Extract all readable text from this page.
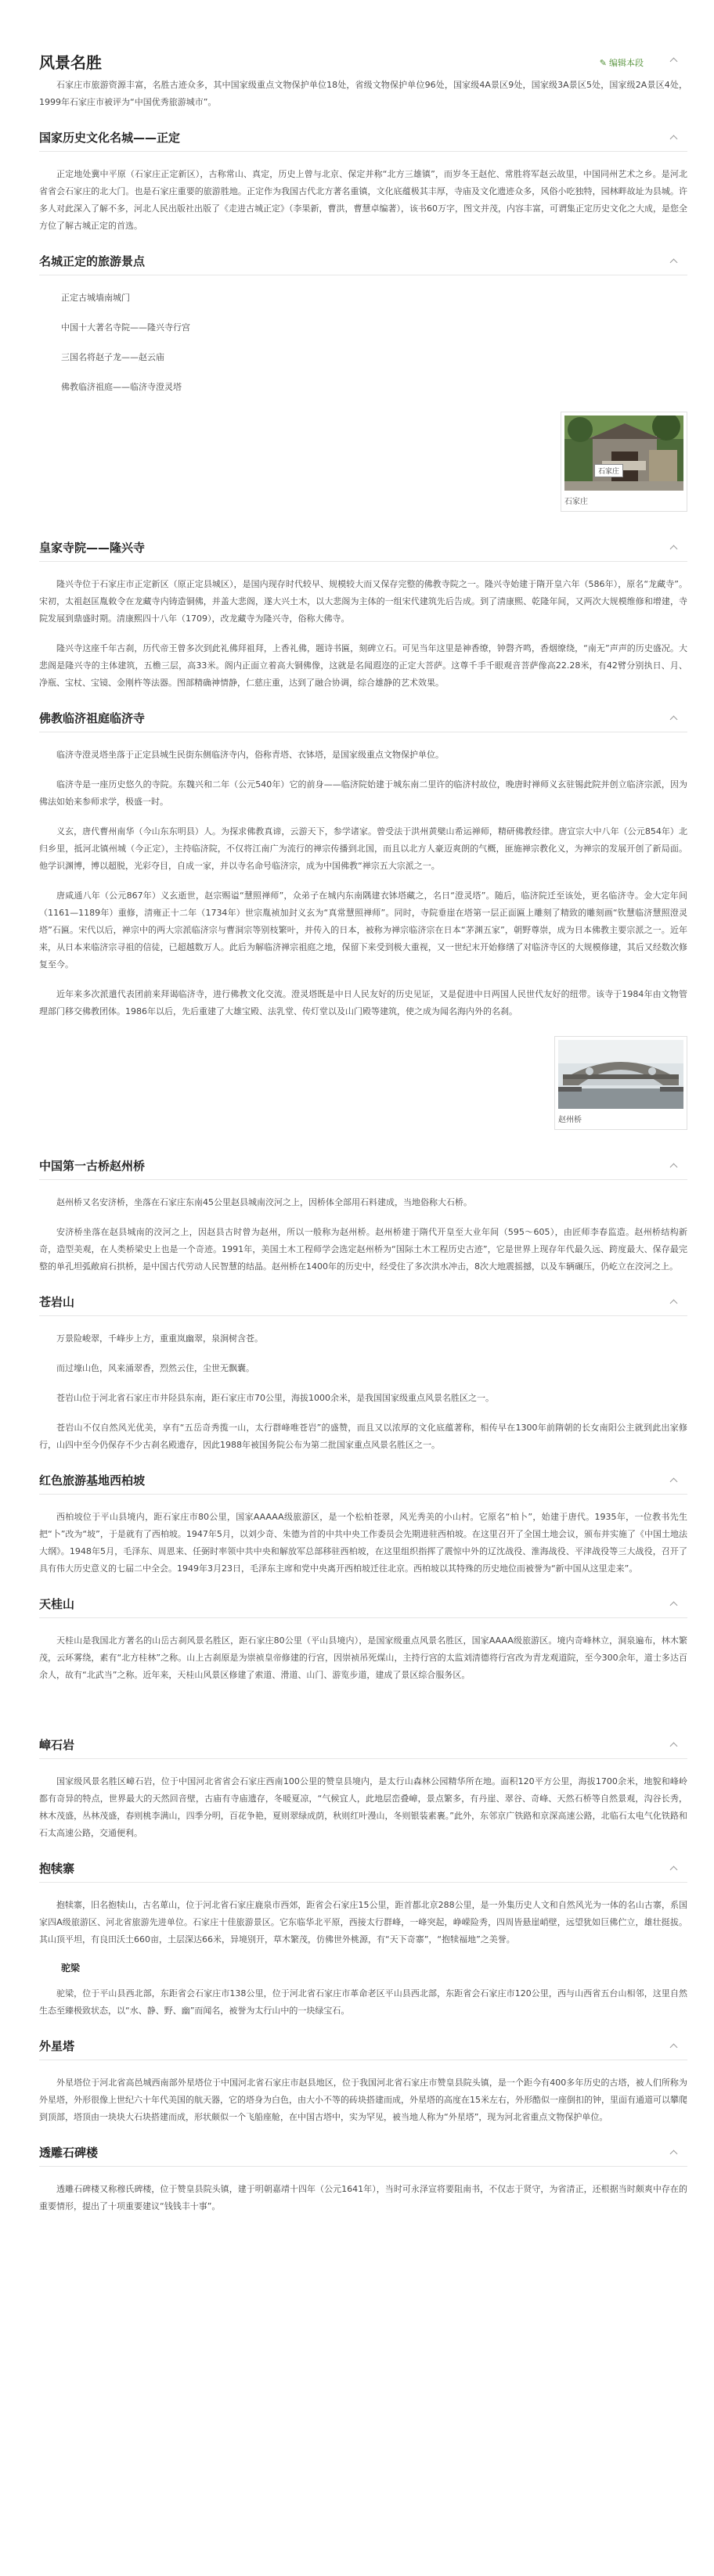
风景名胜	✎ 编辑本段

石家庄市旅游资源丰富，名胜古迹众多，其中国家级重点文物保护单位18处，省级文物保护单位96处，国家级4A景区9处，国家级3A景区5处，国家级2A景区4处，1999年石家庄市被评为“中国优秀旅游城市”。

国家历史文化名城——正定

正定地处冀中平原（石家庄正定新区），古称常山、真定，历史上曾与北京、保定并称“北方三雄镇”，而岁冬王赵佗、常胜将军赵云故里，中国同州艺术之乡。是河北省省会石家庄的北大门。也是石家庄重要的旅游胜地。正定作为我国古代北方著名重镇，文化底蕴极其丰厚，寺庙及文化遗迹众多，风俗小吃独特，园林畔故址为县城。许多人对此深入了解不多，河北人民出版社出版了《走进古城正定》（李果新，曹洪，曹慧卓编著），该书60万字，图文并茂，内容丰富，可谓集正定历史文化之大成，是您全方位了解古城正定的首选。

名城正定的旅游景点
正定古城墙南城门
中国十大著名寺院——隆兴寺行宫
三国名将赵子龙——赵云庙
佛教临济祖庭——临济寺澄灵塔
石家庄
石家庄
皇家寺院——隆兴寺

隆兴寺位于石家庄市正定新区（原正定县城区），是国内现存时代较早、规模较大而又保存完整的佛教寺院之一。隆兴寺始建于隋开皇六年（586年），原名“龙藏寺”。宋初，太祖赵匡胤敕令在龙藏寺内铸造铜佛，并盖大悲阁，遂大兴土木，以大悲阁为主体的一组宋代建筑先后告成。到了清康熙、乾隆年间，又两次大规模维修和增建，寺院发展到鼎盛时期。清康熙四十八年（1709），改龙藏寺为隆兴寺，俗称大佛寺。

隆兴寺这座千年古刹，历代帝王曾多次到此礼佛拜祖拜，上香礼佛，题诗书匾，刻碑立石。可见当年这里是神香缭，钟磬齐鸣，香烟缭绕，“南无”声声的历史盛况。大悲阁是隆兴寺的主体建筑，五檐三层，高33米。阁内正面立着高大铜佛像，这就是名闻遐迩的正定大菩萨。这尊千手千眼观音菩萨像高22.28米，有42臂分别执日、月、净瓶、宝杖、宝镜、金刚杵等法器。图部精确神情静，仁慈庄重，达到了融合协调，综合雄静的艺术效果。

佛教临济祖庭临济寺

临济寺澄灵塔坐落于正定县城生民街东侧临济寺内，俗称青塔、衣钵塔，是国家级重点文物保护单位。

临济寺是一座历史悠久的寺院。东魏兴和二年（公元540年）它的前身——临济院始建于城东南二里许的临济村故位，晚唐时禅师义玄驻锡此院并创立临济宗派，因为佛法如始来参师求学，极盛一时。

义玄，唐代曹州南华（今山东东明县）人。为探求佛教真谛，云游天下，参学诸家。曾受法于洪州黄檗山希运禅师，精研佛教经律。唐宣宗大中八年（公元854年）北归乡里，抵河北镇州城（今正定），主持临济院，不仅将江南广为流行的禅宗传播到北国，而且以北方人豪迈爽朗的气概，匪施禅宗教化义，为禅宗的发展开创了新局面。他学识渊博，博以超脱，光彩夺目，自成一家，并以寺名命号临济宗，成为中国佛教“禅宗五大宗派之一。

唐咸通八年（公元867年）义玄逝世，赵宗赐谥“慧照禅师”，众弟子在城内东南隅建衣钵塔藏之，名日“澄灵塔”。随后，临济院迁至该处，更名临济寺。金大定年间（1161—1189年）重修，清雍正十二年（1734年）世宗胤祯加封义玄为“真常慧照禅师”。同时，寺院垂崖在塔第一层正面匾上雕刻了精致的雕刻画“钦慧临济慧照澄灵塔”石匾。宋代以后，禅宗中的两大宗派临济宗与曹洞宗等别枝繁叶，并传入的日本，被称为禅宗临济宗在日本“茅渊五家”，朝野尊崇，成为日本佛教主要宗派之一。近年来，从日本来临济宗寻祖的信徒，已超越数万人。此后为解临济禅宗祖庭之地，保留下来受到极大重视，又一世纪末开始修缮了对临济寺区的大规模修建，其后又经数次修复至今。

近年来多次派遣代表团前来拜谒临济寺，进行佛教文化交流。澄灵塔既是中日人民友好的历史见证，又是促进中日两国人民世代友好的纽带。该寺于1984年由文物管理部门移交佛教团体。1986年以后，先后重建了大雄宝殿、法乳堂、传灯堂以及山门殿等建筑，使之成为闻名海内外的名刹。

赵州桥
中国第一古桥赵州桥

赵州桥又名安济桥，坐落在石家庄东南45公里赵县城南洨河之上，因桥体全部用石料建成，当地俗称大石桥。

安济桥坐落在赵县城南的洨河之上，因赵县古时曾为赵州，所以一般称为赵州桥。赵州桥建于隋代开皇至大业年间（595～605），由匠师李春监造。赵州桥结构新奇，造型美观，在人类桥梁史上也是一个奇迹。1991年，美国土木工程师学会选定赵州桥为“国际土木工程历史古迹”，它是世界上现存年代最久远、跨度最大、保存最完整的单孔坦弧敞肩石拱桥，是中国古代劳动人民智慧的结晶。赵州桥在1400年的历史中，经受住了多次洪水冲击，8次大地震摇撼，以及车辆碾压，仍屹立在洨河之上。

苍岩山

万景险峻翠，千峰步上方，重重岚幽翠，泉涧树含苍。

而过壕山色，风来涌翠香，烈然云住，尘世无飘囊。

苍岩山位于河北省石家庄市井陉县东南，距石家庄市70公里，海拔1000余米，是我国国家级重点风景名胜区之一。

苍岩山不仅自然风光优美，享有“五岳奇秀揽一山，太行群峰唯苍岩”的盛赞，而且又以浓厚的文化底蕴著称，相传早在1300年前隋朝的长女南阳公主就到此出家修行，山四中至今仍保存不少古刹名殿遗存，因此1988年被国务院公布为第二批国家重点风景名胜区之一。

红色旅游基地西柏坡

西柏坡位于平山县境内，距石家庄市80公里，国家AAAAA级旅游区，是一个松柏苍翠，风光秀美的小山村。它原名“柏卜”，始建于唐代。1935年，一位教书先生把“卜”改为“坡”，于是就有了西柏坡。1947年5月，以刘少奇、朱德为首的中共中央工作委员会先期进驻西柏坡。在这里召开了全国土地会议，颁布并实施了《中国土地法大纲》。1948年5月，毛泽东、周恩来、任弼时率领中共中央和解放军总部移驻西柏坡，在这里组织指挥了震惊中外的辽沈战役、淮海战役、平津战役等三大战役，召开了具有伟大历史意义的七届二中全会。1949年3月23日，毛泽东主席和党中央离开西柏坡迁往北京。西柏坡以其特殊的历史地位而被誉为“新中国从这里走来”。

天桂山

天桂山是我国北方著名的山岳古刹风景名胜区，距石家庄80公里（平山县境内），是国家级重点风景名胜区，国家AAAA级旅游区。境内奇峰林立，洞泉遍布，林木繁茂，云环雾绕，素有“北方桂林”之称。山上古刹原是为崇祯皇帝修建的行宫，因崇祯吊死煤山，主持行宫的太监刘清德将行宫改为青龙观道院，至今300余年，道士多达百余人，故有“北武当”之称。近年来，天桂山风景区修建了索道、滑道、山门、游览步道，建成了景区综合服务区。

嶂石岩

国家级风景名胜区嶂石岩，位于中国河北省省会石家庄西南100公里的赞皇县境内，是太行山森林公园精华所在地。面积120平方公里，海拔1700余米，地貌和峰岭都有奇异的特点，世界最大的天然回音壁，古庙有寺庙遗存，冬暖夏凉，“气候宜人，此地层峦叠嶂，景点繁多，有丹崖、翠谷、奇峰、天然石桥等自然景观，沟谷长秀，林木茂盛，丛林茂盛，春则桃李满山，四季分明，百花争艳，夏则翠绿成荫，秋则红叶漫山，冬则银装素裹。”此外，东邻京广铁路和京深高速公路，北临石太电气化铁路和石太高速公路，交通便利。

抱犊寨

抱犊寨，旧名抱犊山，古名萆山，位于河北省石家庄鹿泉市西郊，距省会石家庄15公里，距首都北京288公里，是一外集历史人文和自然风光为一体的名山古寨，系国家四A级旅游区、河北省旅游先进单位。石家庄十佳旅游景区。它东临华北平原，西接太行群峰，一峰突起，峥嵘险秀，四周皆悬崖峭壁，远望犹如巨佛伫立，雄壮挺拔。其山顶平坦，有良田沃土660亩，土层深达66米，异境别开，草木繁茂，仿佛世外桃源，有“天下奇寨”，“抱犊福地”之美誉。

驼梁

驼梁，位于平山县西北部，东距省会石家庄市138公里，位于河北省石家庄市革命老区平山县西北部，东距省会石家庄市120公里，西与山西省五台山相邻，这里自然生态至臻极致状态，以“水、静、野、幽”而闻名，被誉为太行山中的一块绿宝石。

外星塔

外星塔位于河北省高邑城西南部外星塔位于中国河北省石家庄市赵县地区，位于我国河北省石家庄市赞皇县院头镇，是一个距今有400多年历史的古塔，被人们所称为外星塔，外形很像上世纪六十年代美国的航天器，它的塔身为白色，由大小不等的砖块搭建而成，外星塔的高度在15米左右，外形酷似一座倒扣的钟，里面有通道可以攀爬到顶部，塔顶由一块块大石块搭建而成，形状颇似一个飞船座舱，在中国古塔中，实为罕见，被当地人称为“外星塔”，现为河北省重点文物保护单位。

透雕石碑楼

透雕石碑楼又称穆氏碑楼，位于赞皇县院头镇，建于明朝嘉靖十四年（公元1641年），当时可永泽宣将要阻南书，不仅志于贤守，为省清正，还根据当时颇爽中存在的重要情形，提出了十项重要建议“钱钱丰十事”。
